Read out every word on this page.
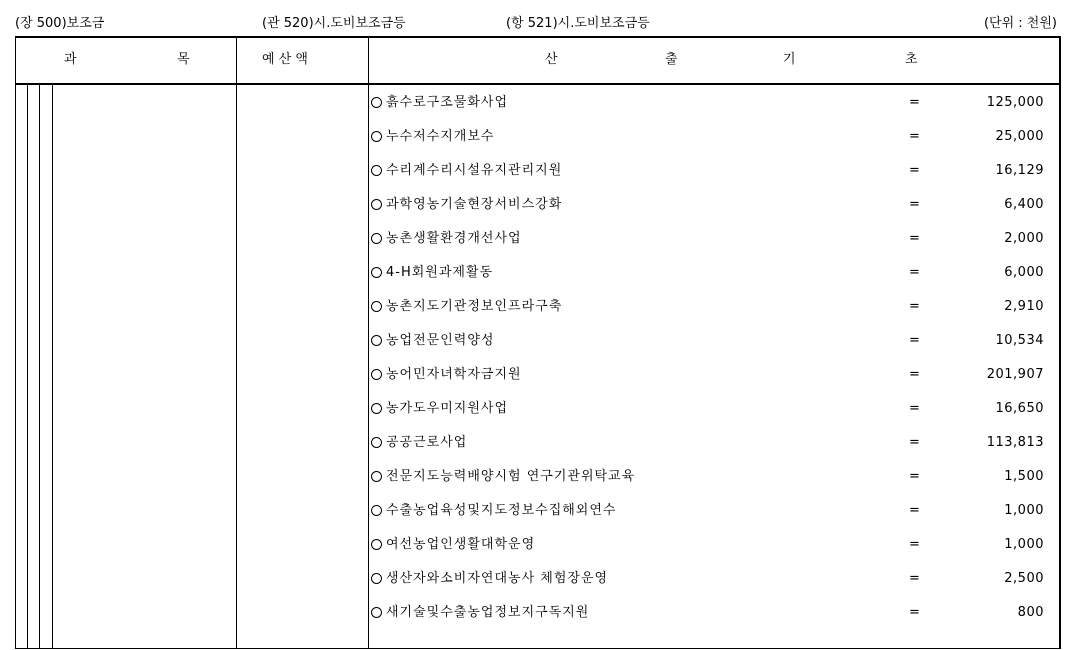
(장 500)보조금	(관 520)시.도비보조금등	(항 521)시.도비보조금등	(단위 : 천원)
과	목	예 산 액	산	출	기	초
흙수로구조물화사업	=	125,000
누수저수지개보수	=	25,000
수리계수리시설유지관리지원	=	16,129
과학영농기술현장서비스강화	=	6,400
농촌생활환경개선사업	=	2,000
4-H회원과제활동	=	6,000
농촌지도기관정보인프라구축	=	2,910
농업전문인력양성	=	10,534
농어민자녀학자금지원	=	201,907
농가도우미지원사업	=	16,650
공공근로사업	=	113,813
전문지도능력배양시험 연구기관위탁교육	=	1,500
수출농업육성및지도정보수집해외연수	=	1,000
여선농업인생활대학운영	=	1,000
생산자와소비자연대농사 체험장운영	=	2,500
새기술및수출농업정보지구독지원	=	800
